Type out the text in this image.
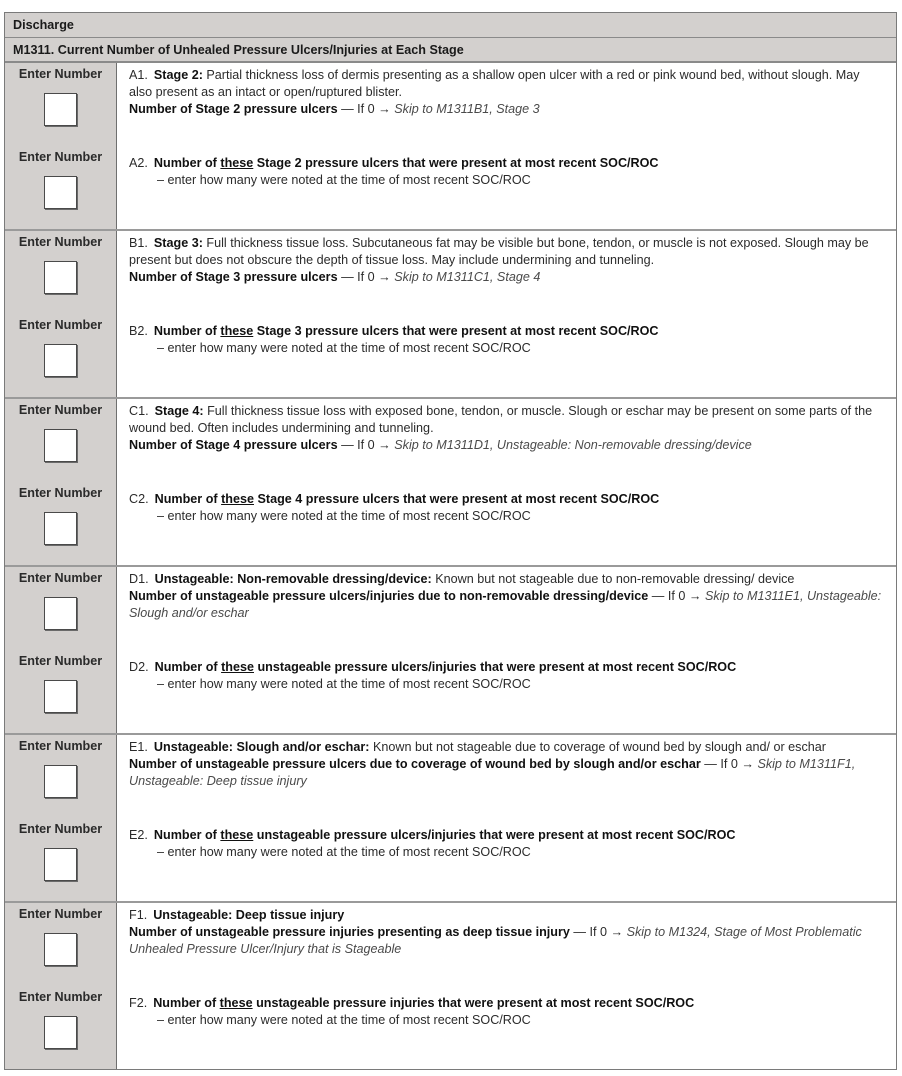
Discharge
M1311. Current Number of Unhealed Pressure Ulcers/Injuries at Each Stage
Enter Number
Enter Number
A1. Stage 2: Partial thickness loss of dermis presenting as a shallow open ulcer with a red or pink wound bed, without slough. May also present as an intact or open/ruptured blister.
Number of Stage 2 pressure ulcers — If 0 → Skip to M1311B1, Stage 3
A2. Number of these Stage 2 pressure ulcers that were present at most recent SOC/ROC
– enter how many were noted at the time of most recent SOC/ROC
Enter Number
Enter Number
B1. Stage 3: Full thickness tissue loss. Subcutaneous fat may be visible but bone, tendon, or muscle is not exposed. Slough may be present but does not obscure the depth of tissue loss. May include undermining and tunneling.
Number of Stage 3 pressure ulcers — If 0 → Skip to M1311C1, Stage 4
B2. Number of these Stage 3 pressure ulcers that were present at most recent SOC/ROC
– enter how many were noted at the time of most recent SOC/ROC
Enter Number
Enter Number
C1. Stage 4: Full thickness tissue loss with exposed bone, tendon, or muscle. Slough or eschar may be present on some parts of the wound bed. Often includes undermining and tunneling.
Number of Stage 4 pressure ulcers — If 0 → Skip to M1311D1, Unstageable: Non-removable dressing/device
C2. Number of these Stage 4 pressure ulcers that were present at most recent SOC/ROC
– enter how many were noted at the time of most recent SOC/ROC
Enter Number
Enter Number
D1. Unstageable: Non-removable dressing/device: Known but not stageable due to non-removable dressing/ device
Number of unstageable pressure ulcers/injuries due to non-removable dressing/device — If 0 → Skip to M1311E1, Unstageable: Slough and/or eschar
D2. Number of these unstageable pressure ulcers/injuries that were present at most recent SOC/ROC
– enter how many were noted at the time of most recent SOC/ROC
Enter Number
Enter Number
E1. Unstageable: Slough and/or eschar: Known but not stageable due to coverage of wound bed by slough and/ or eschar
Number of unstageable pressure ulcers due to coverage of wound bed by slough and/or eschar — If 0 → Skip to M1311F1, Unstageable: Deep tissue injury
E2. Number of these unstageable pressure ulcers/injuries that were present at most recent SOC/ROC
– enter how many were noted at the time of most recent SOC/ROC
Enter Number
Enter Number
F1. Unstageable: Deep tissue injury
Number of unstageable pressure injuries presenting as deep tissue injury — If 0 → Skip to M1324, Stage of Most Problematic Unhealed Pressure Ulcer/Injury that is Stageable
F2. Number of these unstageable pressure injuries that were present at most recent SOC/ROC
– enter how many were noted at the time of most recent SOC/ROC
